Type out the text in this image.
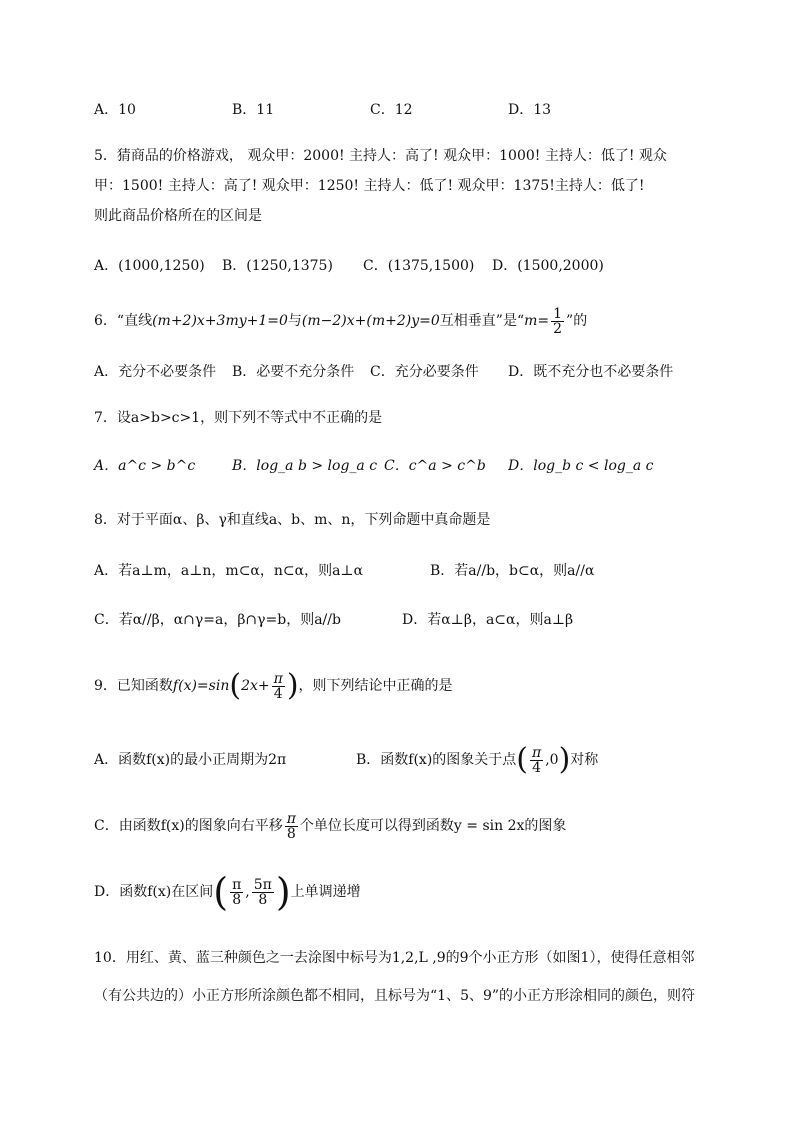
A．10	B．11	C．12	D．13
5．猜商品的价格游戏， 观众甲：2000! 主持人：高了! 观众甲：1000! 主持人：低了! 观众
甲：1500! 主持人：高了! 观众甲：1250! 主持人：低了! 观众甲：1375!主持人：低了!
则此商品价格所在的区间是
A．(1000,1250) B．(1250,1375) C．(1375,1500) D．(1500,2000)
6．“直线(m+2)x+3my+1=0与(m−2)x+(m+2)y=0互相垂直”是“$m= \frac{1}{2}$ ”的
A．充分不必要条件 B．必要不充分条件 C．充分必要条件 D．既不充分也不必要条件
7．设a>b>c>1，则下列不等式中不正确的是
A．a^c > b^c	B．log_a b > log_a c C．c^a > c^b D．log_b c < log_a c
8．对于平面α、β、γ和直线a、b、m、n，下列命题中真命题是
A．若a⊥m，a⊥n，m⊂α，n⊂α，则a⊥α	B．若a//b，b⊂α，则a//α
C．若α//β，α∩γ=a，β∩γ=b，则a//b	D．若α⊥β，a⊂α，则a⊥β
9．已知函数$f(x)=\sin(2x+ \frac{\pi}{4}$ )，则下列结论中正确的是
A．函数f(x)的最小正周期为2π	B．函数f(x)的图象关于点( $\frac{\pi}{4} ,0$)对称
C．由函数f(x)的图象向右平移 $\frac{\pi}{8}$ 个单位长度可以得到函数y = sin 2x的图象
D．函数f(x)在区间( $\frac{\pi}{8}$ , $\frac{5\pi}{8}$ )上单调递增
10．用红、黄、蓝三种颜色之一去涂图中标号为1,2,L ,9的9个小正方形（如图1），使得任意相邻
（有公共边的）小正方形所涂颜色都不相同，且标号为“1、5、9”的小正方形涂相同的颜色，则符
